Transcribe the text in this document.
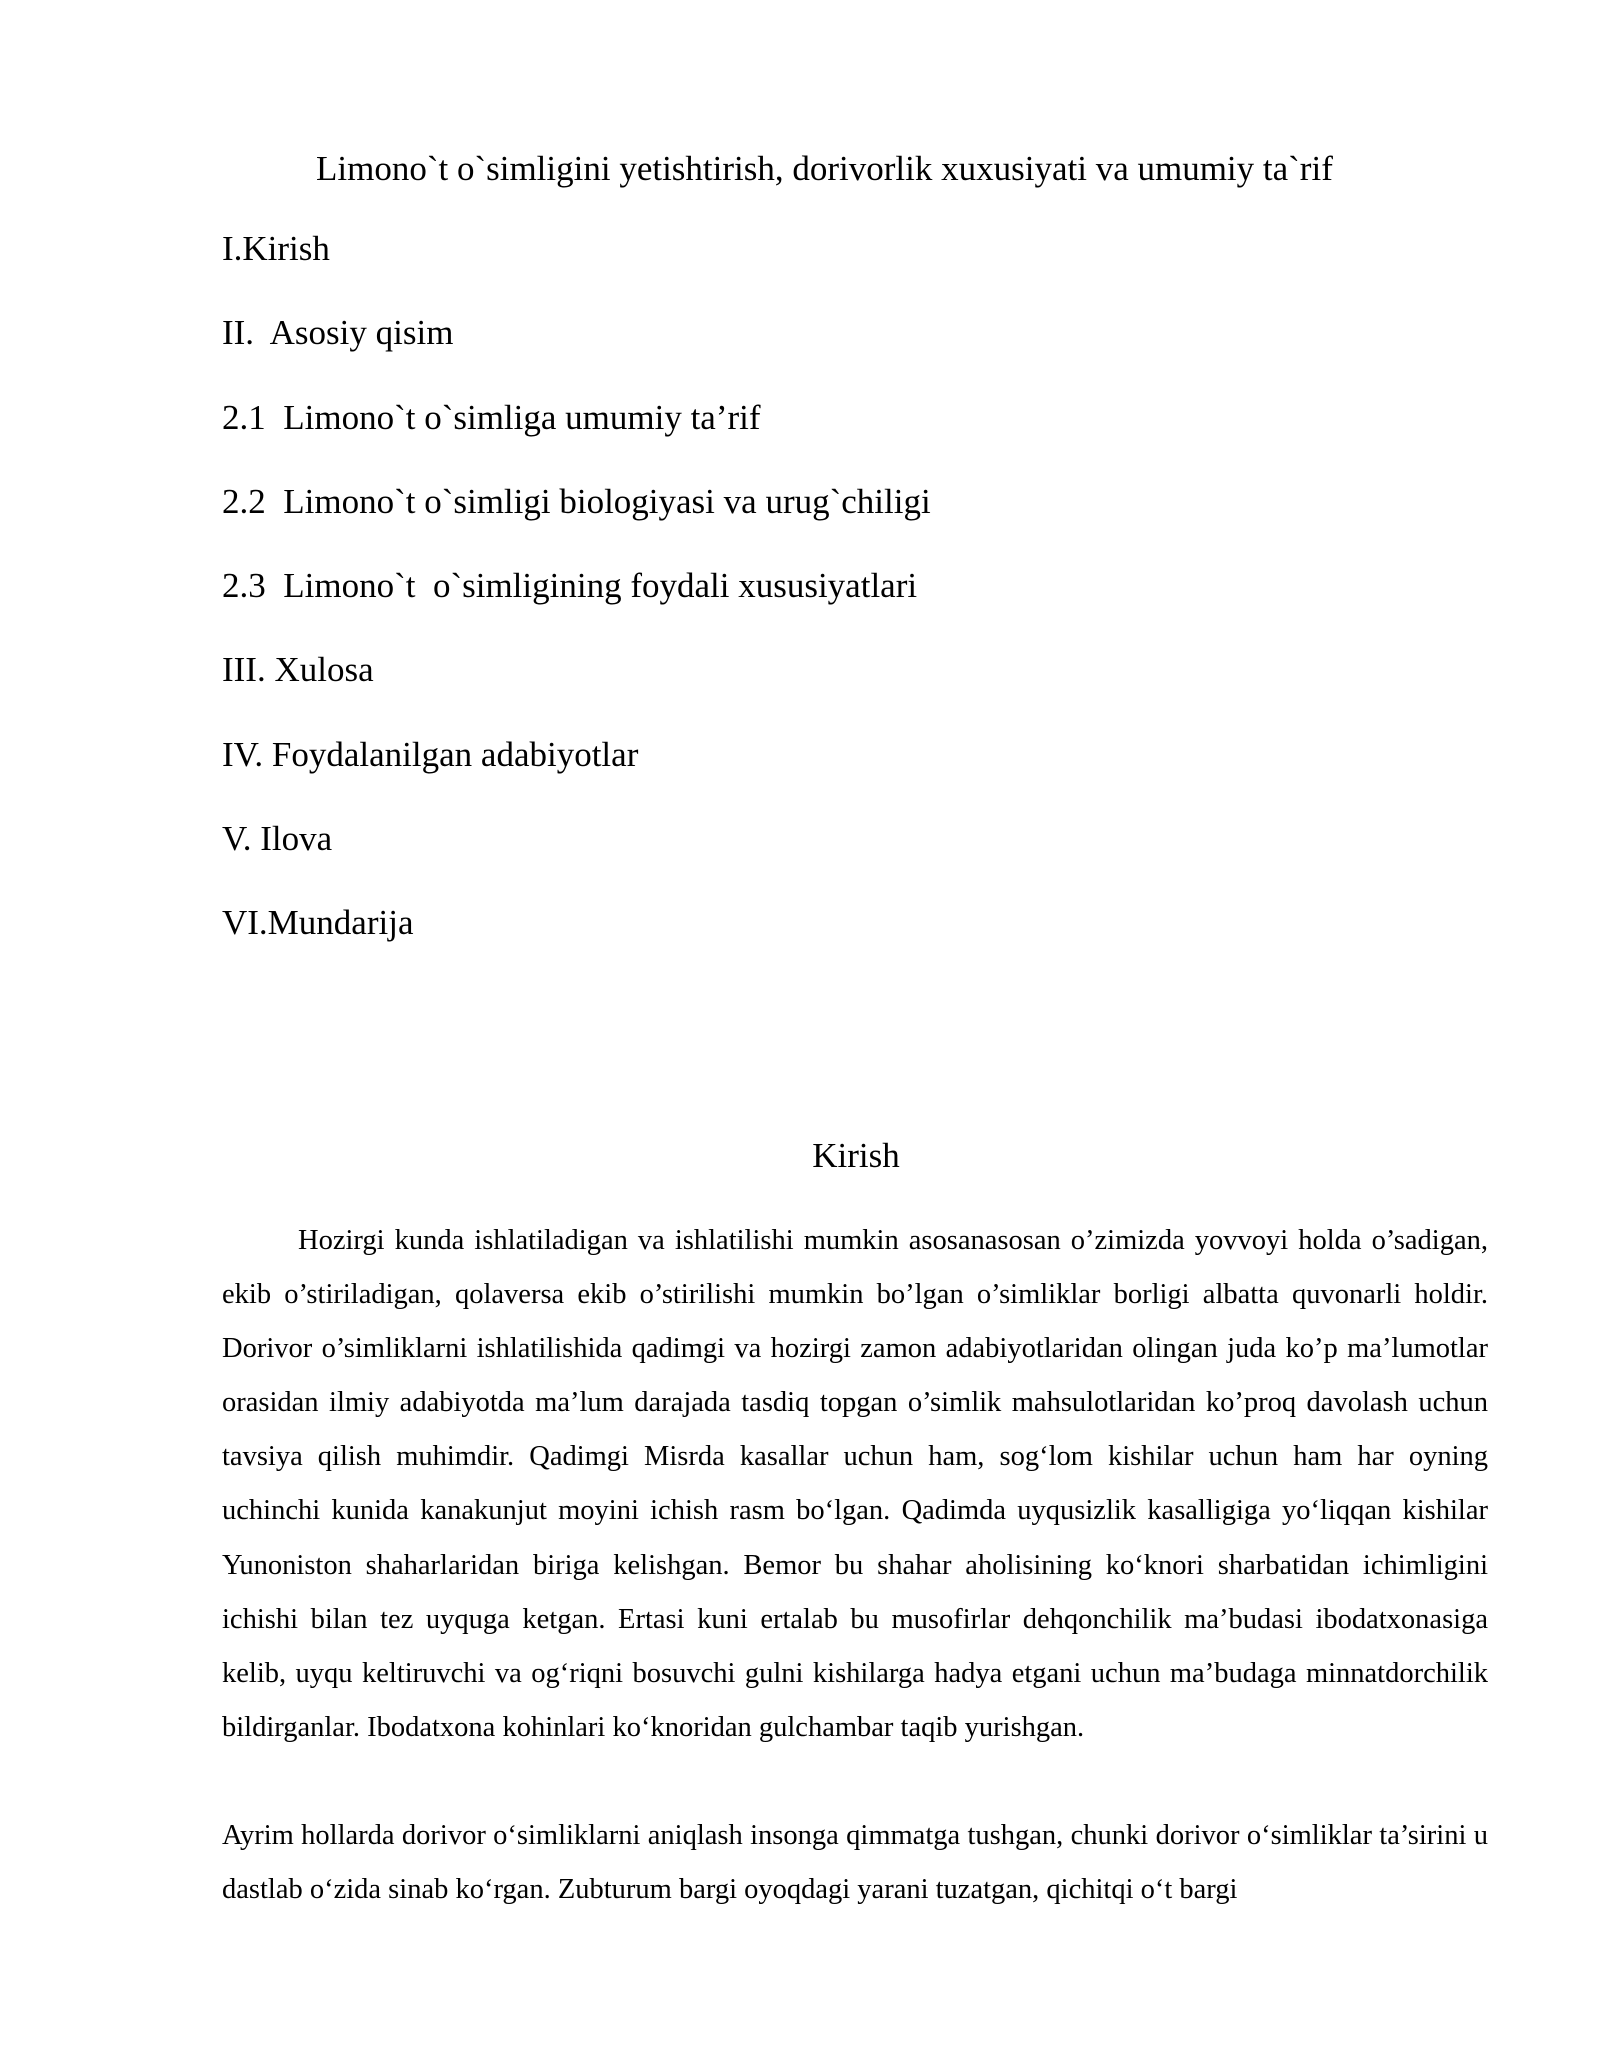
Limono`t o`simligini yetishtirish, dorivorlik xuxusiyati va umumiy ta`rif
I.Kirish
II.  Asosiy qisim
2.1  Limono`t o`simliga umumiy ta’rif
2.2  Limono`t o`simligi biologiyasi va urug`chiligi
2.3  Limono`t  o`simligining foydali xususiyatlari
III. Xulosa
IV. Foydalanilgan adabiyotlar
V. Ilova
VI.Mundarija
Kirish

Hozirgi kunda ishlatiladigan va ishlatilishi mumkin asosanasosan o’zimizda yovvoyi holda o’sadigan, ekib o’stiriladigan, qolaversa ekib o’stirilishi mumkin bo’lgan o’simliklar borligi albatta quvonarli holdir. Dorivor o’simliklarni ishlatilishida qadimgi va hozirgi zamon adabiyotlaridan olingan juda ko’p ma’lumotlar orasidan ilmiy adabiyotda ma’lum darajada tasdiq topgan o’simlik mahsulotlaridan ko’proq davolash uchun tavsiya qilish muhimdir. Qadimgi Misrda kasallar uchun ham, sog‘lom kishilar uchun ham har oyning uchinchi kunida kanakunjut moyini ichish rasm bo‘lgan. Qadimda uyqusizlik kasalligiga yo‘liqqan kishilar Yunoniston shaharlaridan biriga kelishgan. Bemor bu shahar aholisining ko‘knori sharbatidan ichimligini ichishi bilan tez uyquga ketgan. Ertasi kuni ertalab bu musofirlar dehqonchilik ma’budasi ibodatxonasiga kelib, uyqu keltiruvchi va og‘riqni bosuvchi gulni kishilarga hadya etgani uchun ma’budaga minnatdorchilik bildirganlar. Ibodatxona kohinlari ko‘knoridan gulchambar taqib yurishgan.

Ayrim hollarda dorivor o‘simliklarni aniqlash insonga qimmatga tushgan, chunki dorivor o‘simliklar ta’sirini u dastlab o‘zida sinab ko‘rgan. Zubturum bargi oyoqdagi yarani tuzatgan, qichitqi o‘t bargi
